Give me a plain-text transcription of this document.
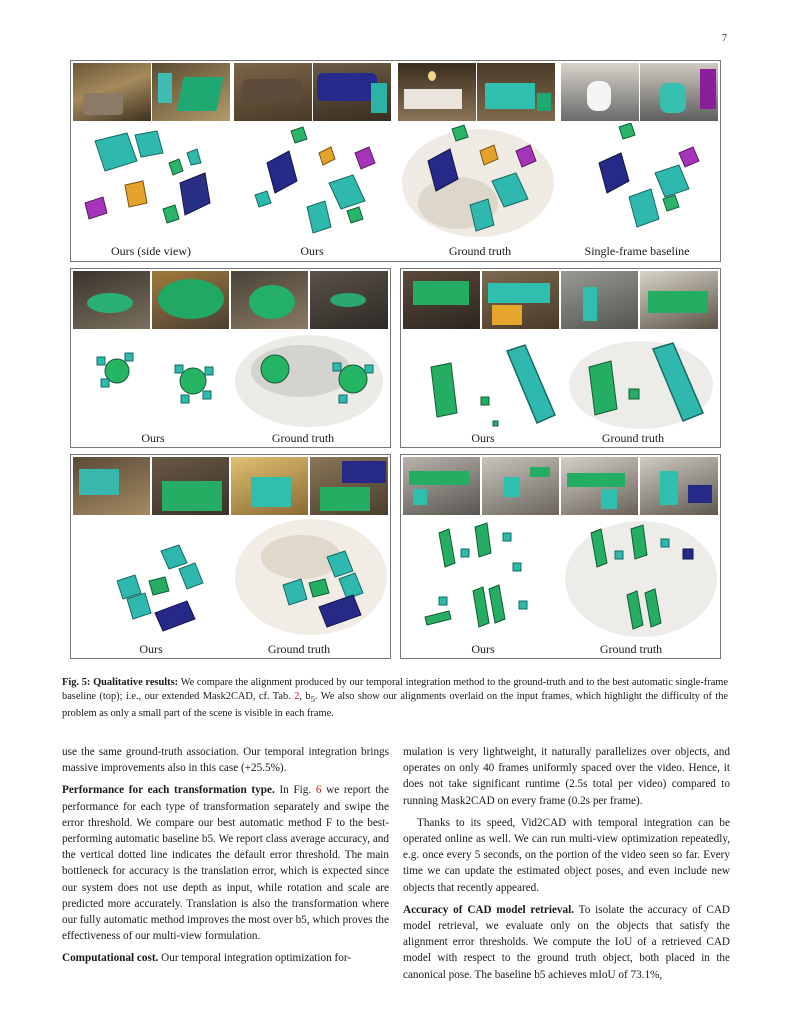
7
Ours (side view)	Ours	Ground truth	Single-frame baseline
Ours	Ground truth	Ours	Ground truth
Ours	Ground truth	Ours	Ground truth
Fig. 5: Qualitative results: We compare the alignment produced by our temporal integration method to the ground-truth and to the best automatic single-frame baseline (top); i.e., our extended Mask2CAD, cf. Tab. 2, $b_5$. We also show our alignments overlaid on the input frames, which highlight the difficulty of the problem as only a small part of the scene is visible in each frame.

use the same ground-truth association. Our temporal integration brings massive improvements also in this case (+25.5%).

Performance for each transformation type. In Fig. 6 we report the performance for each type of transformation separately and swipe the error threshold. We compare our best automatic method F to the best-performing automatic baseline b5. We report class average accuracy, and the vertical dotted line indicates the default error threshold. The main bottleneck for accuracy is the translation error, which is expected since our system does not use depth as input, while rotation and scale are predicted more accurately. Translation is also the transformation where our fully automatic method improves the most over b5, which proves the effectiveness of our multi-view formulation.

Computational cost. Our temporal integration optimization for-

mulation is very lightweight, it naturally parallelizes over objects, and operates on only 40 frames uniformly spaced over the video. Hence, it does not take significant runtime (2.5s total per video) compared to running Mask2CAD on every frame (0.2s per frame).

Thanks to its speed, Vid2CAD with temporal integration can be operated online as well. We can run multi-view optimization repeatedly, e.g. once every 5 seconds, on the portion of the video seen so far. Every time we can update the estimated object poses, and even include new objects that recently appeared.

Accuracy of CAD model retrieval. To isolate the accuracy of CAD model retrieval, we evaluate only on the objects that satisfy the alignment error thresholds. We compute the IoU of a retrieved CAD model with respect to the ground truth object, both placed in the canonical pose. The baseline b5 achieves mIoU of 73.1%,
